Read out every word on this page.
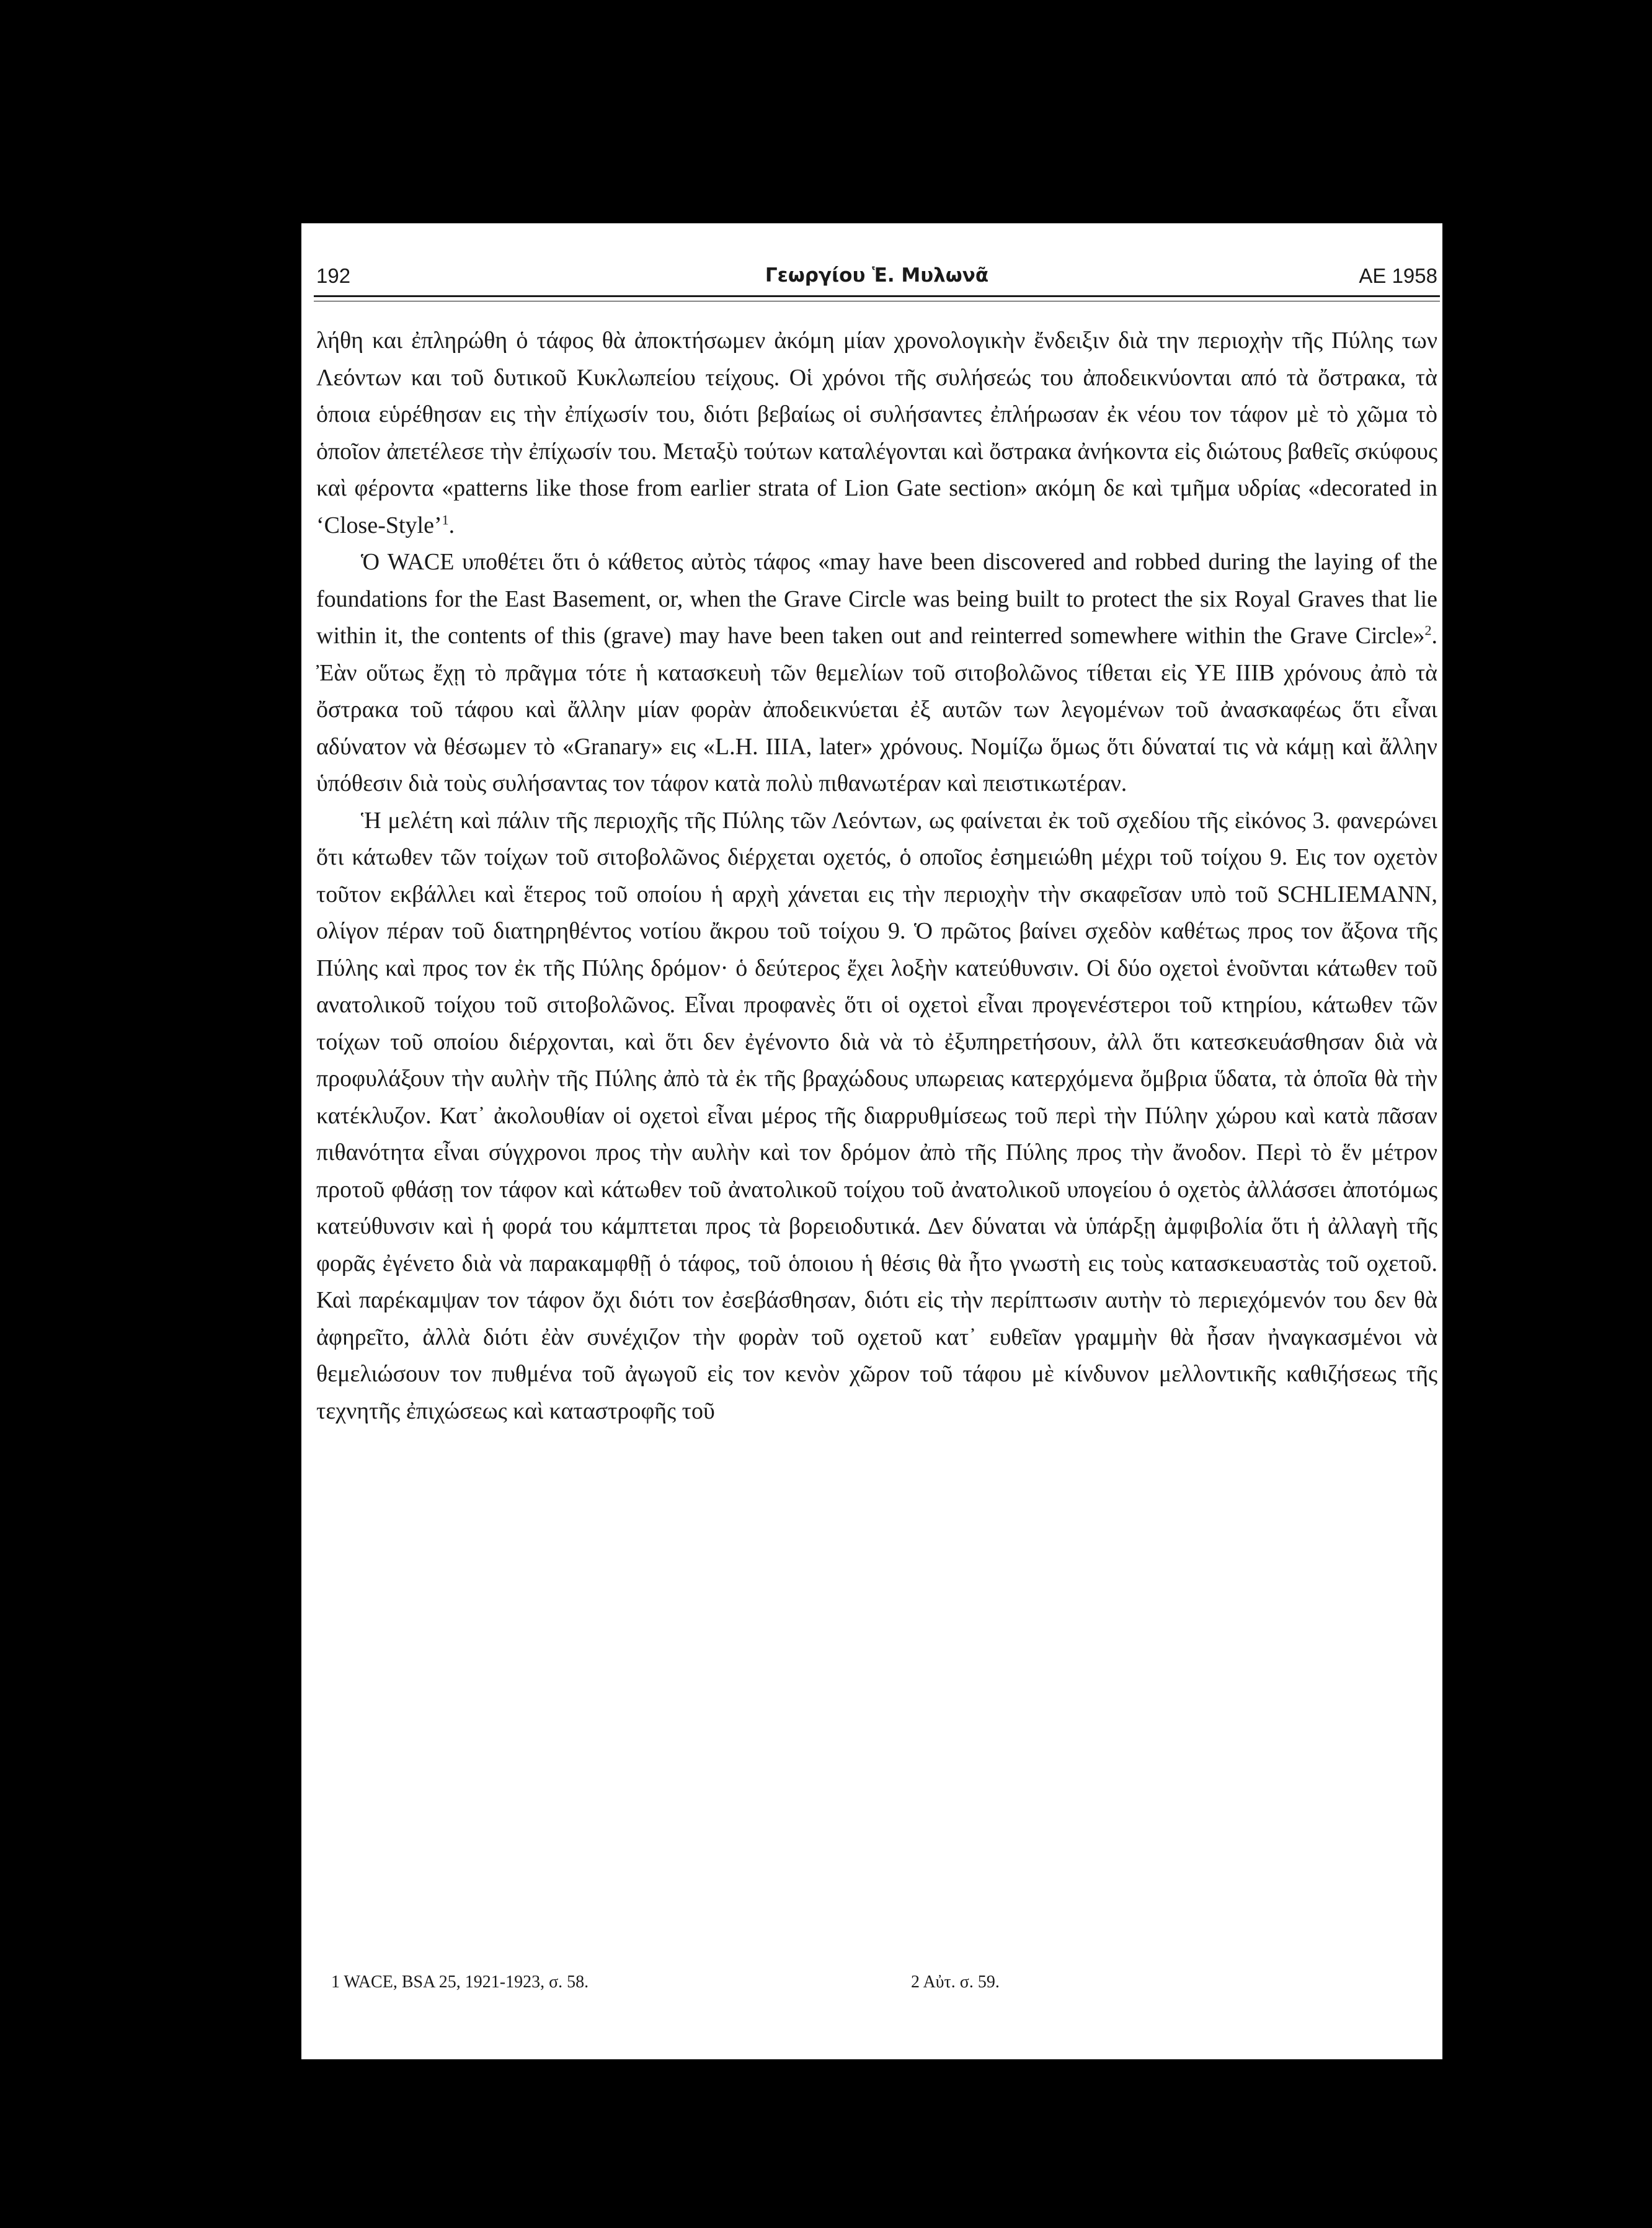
192	Γεωργίου Ἑ. Μυλωνᾶ	ΑΕ 1958

λήθη και ἐπληρώθη ὁ τάφος θὰ ἀποκτήσωμεν ἀκόμη μίαν χρονολογικὴν ἔνδειξιν διὰ την περιοχὴν τῆς Πύλης των Λεόντων και τοῦ δυτικοῦ Κυκλωπείου τείχους. Οἱ χρόνοι τῆς συλήσεώς του ἀποδεικνύονται από τὰ ὄστρακα, τὰ ὁποια εὑρέθησαν εις τὴν ἐπίχωσίν του, διότι βεβαίως οἱ συλήσαντες ἐπλήρωσαν ἐκ νέου τον τάφον μὲ τὸ χῶμα τὸ ὁποῖον ἀπετέλεσε τὴν ἐπίχωσίν του. Μεταξὺ τούτων καταλέγονται καὶ ὄστρακα ἀνήκοντα εἰς διώτους βαθεῖς σκύφους καὶ φέροντα «patterns like those from earlier strata of Lion Gate section» ακόμη δε καὶ τμῆμα υδρίας «decorated in ‘Close-Style’$^1$.

Ὁ WACE υποθέτει ὅτι ὁ κάθετος αὐτὸς τάφος «may have been discovered and robbed during the laying of the foundations for the East Basement, or, when the Grave Circle was being built to protect the six Royal Graves that lie within it, the contents of this (grave) may have been taken out and reinterred somewhere within the Grave Circle»$^2$. Ἐὰν οὕτως ἔχῃ τὸ πρᾶγμα τότε ἡ κατασκευὴ τῶν θεμελίων τοῦ σιτοβολῶνος τίθεται εἰς ΥΕ ΙΙΙΒ χρόνους ἀπὸ τὰ ὄστρακα τοῦ τάφου καὶ ἄλλην μίαν φορὰν ἀποδεικνύεται ἐξ αυτῶν των λεγομένων τοῦ ἀνασκαφέως ὅτι εἶναι αδύνατον νὰ θέσωμεν τὸ «Granary» εις «L.H. IIIA, later» χρόνους. Νομίζω ὅμως ὅτι δύναταί τις νὰ κάμῃ καὶ ἄλλην ὑπόθεσιν διὰ τοὺς συλήσαντας τον τάφον κατὰ πολὺ πιθανωτέραν καὶ πειστικωτέραν.

Ἡ μελέτη καὶ πάλιν τῆς περιοχῆς τῆς Πύλης τῶν Λεόντων, ως φαίνεται ἐκ τοῦ σχεδίου τῆς εἰκόνος 3. φανερώνει ὅτι κάτωθεν τῶν τοίχων τοῦ σιτοβολῶνος διέρχεται οχετός, ὁ οποῖος ἐσημειώθη μέχρι τοῦ τοίχου 9. Εις τον οχετὸν τοῦτον εκβάλλει καὶ ἕτερος τοῦ οποίου ἡ αρχὴ χάνεται εις τὴν περιοχὴν τὴν σκαφεῖσαν υπὸ τοῦ SCHLIEMANN, ολίγον πέραν τοῦ διατηρηθέντος νοτίου ἄκρου τοῦ τοίχου 9. Ὁ πρῶτος βαίνει σχεδὸν καθέτως προς τον ἄξονα τῆς Πύλης καὶ προς τον ἐκ τῆς Πύλης δρόμον· ὁ δεύτερος ἔχει λοξὴν κατεύθυνσιν. Οἱ δύο οχετοὶ ἑνοῦνται κάτωθεν τοῦ ανατολικοῦ τοίχου τοῦ σιτοβολῶνος. Εἶναι προφανὲς ὅτι οἱ οχετοὶ εἶναι προγενέστεροι τοῦ κτηρίου, κάτωθεν τῶν τοίχων τοῦ οποίου διέρχονται, καὶ ὅτι δεν ἐγένοντο διὰ νὰ τὸ ἐξυπηρετήσουν, ἀλλ ὅτι κατεσκευάσθησαν διὰ νὰ προφυλάξουν τὴν αυλὴν τῆς Πύλης ἀπὸ τὰ ἐκ τῆς βραχώδους υπωρειας κατερχόμενα ὄμβρια ὕδατα, τὰ ὁποῖα θὰ τὴν κατέκλυζον. Κατ᾽ ἀκολουθίαν οἱ οχετοὶ εἶναι μέρος τῆς διαρρυθμίσεως τοῦ περὶ τὴν Πύλην χώρου καὶ κατὰ πᾶσαν πιθανότητα εἶναι σύγχρονοι προς τὴν αυλὴν καὶ τον δρόμον ἀπὸ τῆς Πύλης προς τὴν ἄνοδον. Περὶ τὸ ἕν μέτρον προτοῦ φθάσῃ τον τάφον καὶ κάτωθεν τοῦ ἀνατολικοῦ τοίχου τοῦ ἀνατολικοῦ υπογείου ὁ οχετὸς ἀλλάσσει ἀποτόμως κατεύθυνσιν καὶ ἡ φορά του κάμπτεται προς τὰ βορειοδυτικά. Δεν δύναται νὰ ὑπάρξῃ ἀμφιβολία ὅτι ἡ ἀλλαγὴ τῆς φορᾶς ἐγένετο διὰ νὰ παρακαμφθῇ ὁ τάφος, τοῦ ὁποιου ἡ θέσις θὰ ἦτο γνωστὴ εις τοὺς κατασκευαστὰς τοῦ οχετοῦ. Καὶ παρέκαμψαν τον τάφον ὄχι διότι τον ἐσεβάσθησαν, διότι εἰς τὴν περίπτωσιν αυτὴν τὸ περιεχόμενόν του δεν θὰ ἀφηρεῖτο, ἀλλὰ διότι ἐὰν συνέχιζον τὴν φορὰν τοῦ οχετοῦ κατ᾽ ευθεῖαν γραμμὴν θὰ ἦσαν ἠναγκασμένοι νὰ θεμελιώσουν τον πυθμένα τοῦ ἀγωγοῦ εἰς τον κενὸν χῶρον τοῦ τάφου μὲ κίνδυνον μελλοντικῆς καθιζήσεως τῆς τεχνητῆς ἐπιχώσεως καὶ καταστροφῆς τοῦ

1 WACE, BSA 25, 1921-1923, σ. 58.	2 Αὐτ. σ. 59.
